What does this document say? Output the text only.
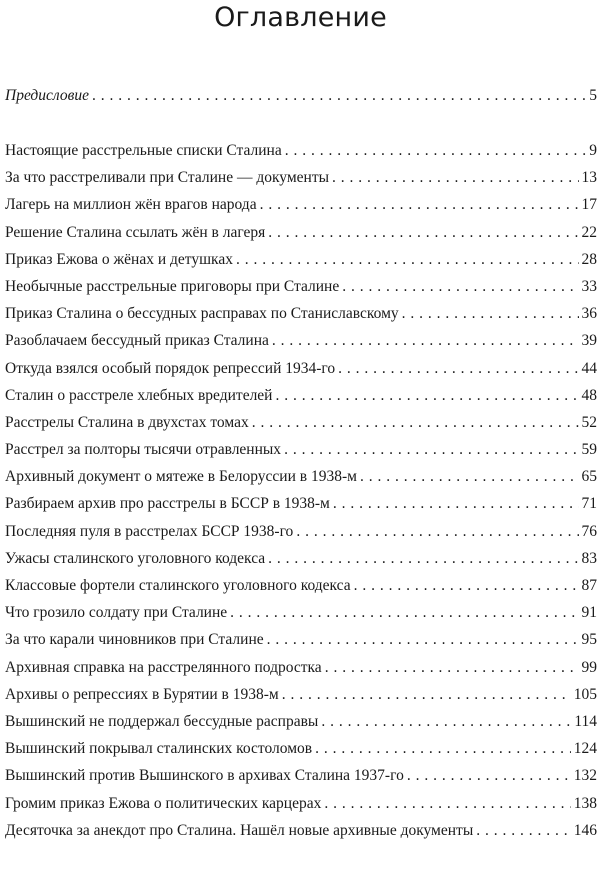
Оглавление
Предисловие . . .	5
Настоящие расстрельные списки Сталина . . .	9
За что расстреливали при Сталине — документы . . .	13
Лагерь на миллион жён врагов народа . . .	17
Решение Сталина ссылать жён в лагеря . . .	22
Приказ Ежова о жёнах и детушках . . .	28
Необычные расстрельные приговоры при Сталине . . .	33
Приказ Сталина о бессудных расправах по Станиславскому . . .	36
Разоблачаем бессудный приказ Сталина . . .	39
Откуда взялся особый порядок репрессий 1934-го . . .	44
Сталин о расстреле хлебных вредителей . . .	48
Расстрелы Сталина в двухстах томах . . .	52
Расстрел за полторы тысячи отравленных . . .	59
Архивный документ о мятеже в Белоруссии в 1938-м . . .	65
Разбираем архив про расстрелы в БССР в 1938-м . . .	71
Последняя пуля в расстрелах БССР 1938-го . . .	76
Ужасы сталинского уголовного кодекса . . .	83
Классовые фортели сталинского уголовного кодекса . . .	87
Что грозило солдату при Сталине . . .	91
За что карали чиновников при Сталине . . .	95
Архивная справка на расстрелянного подростка . . .	99
Архивы о репрессиях в Бурятии в 1938-м . . .	105
Вышинский не поддержал бессудные расправы . . .	114
Вышинский покрывал сталинских костоломов . . .	124
Вышинский против Вышинского в архивах Сталина 1937-го . . .	132
Громим приказ Ежова о политических карцерах . . .	138
Десяточка за анекдот про Сталина. Нашёл новые архивные документы . . .	146
